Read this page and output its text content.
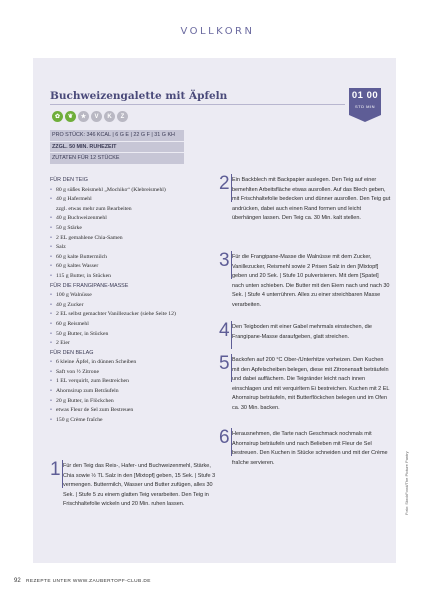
VOLLKORN
Buchweizengalette mit Äpfeln	01 00
STD MIN
✿	❦	★	V	K	Z
PRO STÜCK: 346 KCAL | 6 G E | 22 G F | 31 G KH
ZZGL. 50 MIN. RUHEZEIT
ZUTATEN FÜR 12 STÜCKE
FÜR DEN TEIG
• 80 g süßes Reismehl „Mochiko“ (Klebreismehl)
• 40 g Hafermehl
zzgl. etwas mehr zum Bearbeiten
• 40 g Buchweizenmehl
• 50 g Stärke
• 2 EL gemahlene Chia-Samen
• Salz
• 60 g kalte Buttermilch
• 60 g kaltes Wasser
• 115 g Butter, in Stücken
FÜR DIE FRANGIPANE-MASSE
• 100 g Walnüsse
• 40 g Zucker
• 2 EL selbst gemachter Vanillezucker (siehe Seite 12)
• 60 g Reismehl
• 50 g Butter, in Stücken
• 2 Eier
FÜR DEN BELAG
• 6 kleine Äpfel, in dünnen Scheiben
• Saft von ½ Zitrone
• 1 EL verquirlt, zum Bestreichen
• Ahornsirup zum Beträufeln
• 20 g Butter, in Flöckchen
• etwas Fleur de Sel zum Bestreuen
• 150 g Crème fraîche
1 Für den Teig das Reis-, Hafer- und Buchweizenmehl, Stärke, Chia sowie ½ TL Salz in den [Mixtopf] geben, 15 Sek. | Stufe 3 vermengen. Buttermilch, Wasser und Butter zufügen, alles 30 Sek. | Stufe 5 zu einem glatten Teig verarbeiten. Den Teig in Frischhaltefolie wickeln und 20 Min. ruhen lassen.
2 Ein Backblech mit Backpapier auslegen. Den Teig auf einer bemehlten Arbeitsfläche etwas ausrollen. Auf das Blech geben, mit Frischhaltefolie bedecken und dünner ausrollen. Den Teig gut andrücken, dabei auch einen Rand formen und leicht überhängen lassen. Den Teig ca. 30 Min. kalt stellen.
3 Für die Frangipane-Masse die Walnüsse mit dem Zucker, Vanillezucker, Reismehl sowie 2 Prisen Salz in den [Mixtopf] geben und 20 Sek. | Stufe 10 pulverisieren. Mit dem [Spatel] nach unten schieben. Die Butter mit den Eiern nach und nach 30 Sek. | Stufe 4 unterrühren. Alles zu einer streichbaren Masse verarbeiten.
4 Den Teigboden mit einer Gabel mehrmals einstechen, die Frangipane-Masse daraufgeben, glatt streichen.
5 Backofen auf 200 °C Ober-/Unterhitze vorheizen. Den Kuchen mit den Apfelscheiben belegen, diese mit Zitronensaft beträufeln und dabei auffächern. Die Teigränder leicht nach innen einschlagen und mit verquirltem Ei bestreichen. Kuchen mit 2 EL Ahornsirup beträufeln, mit Butterflöckchen belegen und im Ofen ca. 30 Min. backen.
6 Herausnehmen, die Tarte nach Geschmack nochmals mit Ahornsirup beträufeln und nach Belieben mit Fleur de Sel bestreuen. Den Kuchen in Stücke schneiden und mit der Crème fraîche servieren.	Foto: StockFood/The Picture Pantry
92 REZEPTE UNTER WWW.ZAUBERTOPF-CLUB.DE
